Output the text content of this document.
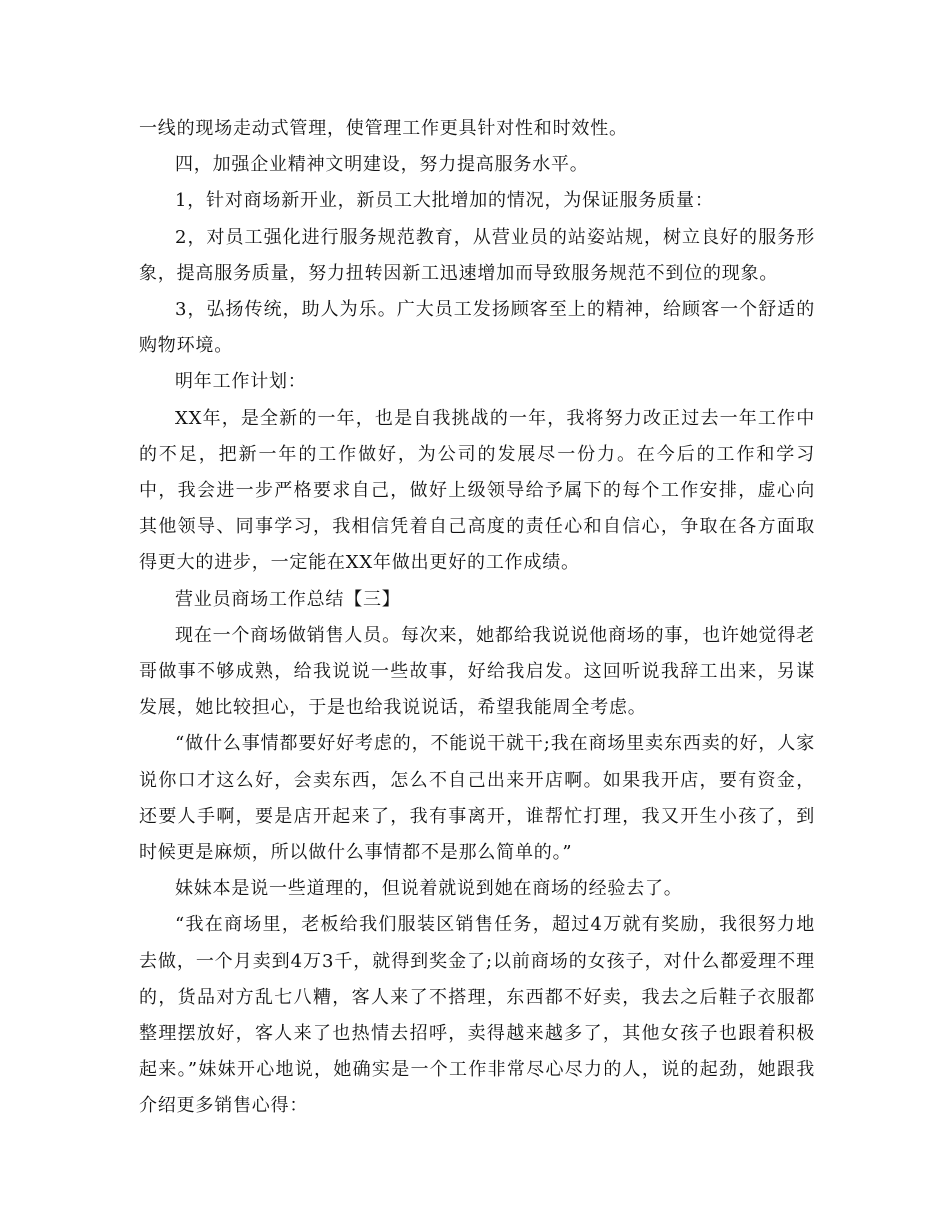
一线的现场走动式管理，使管理工作更具针对性和时效性。

四，加强企业精神文明建设，努力提高服务水平。

1，针对商场新开业，新员工大批增加的情况，为保证服务质量：

2，对员工强化进行服务规范教育，从营业员的站姿站规，树立良好的服务形象，提高服务质量，努力扭转因新工迅速增加而导致服务规范不到位的现象。

3，弘扬传统，助人为乐。广大员工发扬顾客至上的精神，给顾客一个舒适的购物环境。

明年工作计划：

XX年，是全新的一年，也是自我挑战的一年，我将努力改正过去一年工作中的不足，把新一年的工作做好，为公司的发展尽一份力。在今后的工作和学习中，我会进一步严格要求自己，做好上级领导给予属下的每个工作安排，虚心向其他领导、同事学习，我相信凭着自己高度的责任心和自信心，争取在各方面取得更大的进步，一定能在XX年做出更好的工作成绩。

营业员商场工作总结【三】

现在一个商场做销售人员。每次来，她都给我说说他商场的事，也许她觉得老哥做事不够成熟，给我说说一些故事，好给我启发。这回听说我辞工出来，另谋发展，她比较担心，于是也给我说说话，希望我能周全考虑。

“做什么事情都要好好考虑的，不能说干就干;我在商场里卖东西卖的好，人家说你口才这么好，会卖东西，怎么不自己出来开店啊。如果我开店，要有资金，还要人手啊，要是店开起来了，我有事离开，谁帮忙打理，我又开生小孩了，到时候更是麻烦，所以做什么事情都不是那么简单的。”

妹妹本是说一些道理的，但说着就说到她在商场的经验去了。

“我在商场里，老板给我们服装区销售任务，超过4万就有奖励，我很努力地去做，一个月卖到4万3千，就得到奖金了;以前商场的女孩子，对什么都爱理不理的，货品对方乱七八糟，客人来了不搭理，东西都不好卖，我去之后鞋子衣服都整理摆放好，客人来了也热情去招呼，卖得越来越多了，其他女孩子也跟着积极起来。”妹妹开心地说，她确实是一个工作非常尽心尽力的人，说的起劲，她跟我介绍更多销售心得：
